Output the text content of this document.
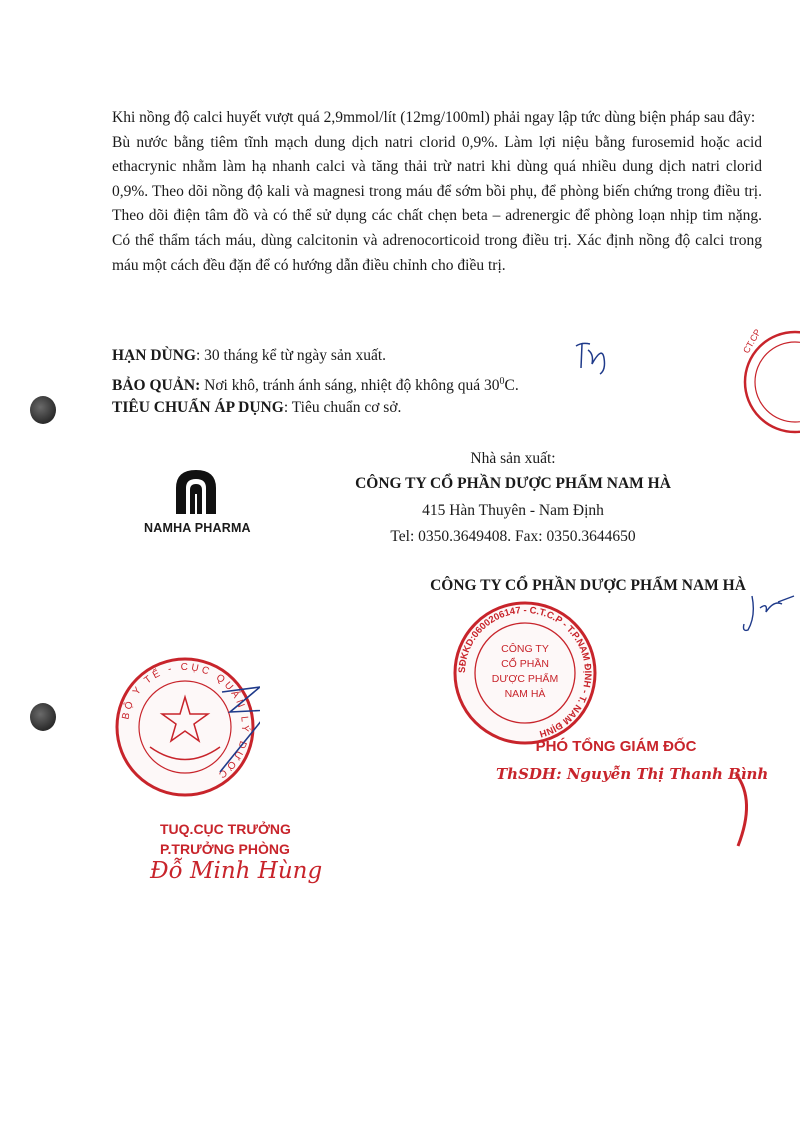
Khi nồng độ calci huyết vượt quá 2,9mmol/lít (12mg/100ml) phải ngay lập tức dùng biện pháp sau đây:

Bù nước bằng tiêm tĩnh mạch dung dịch natri clorid 0,9%. Làm lợi niệu bằng furosemid hoặc acid ethacrynic nhằm làm hạ nhanh calci và tăng thải trừ natri khi dùng quá nhiều dung dịch natri clorid 0,9%. Theo dõi nồng độ kali và magnesi trong máu để sớm bồi phụ, để phòng biến chứng trong điều trị. Theo dõi điện tâm đồ và có thể sử dụng các chất chẹn beta – adrenergic để phòng loạn nhịp tim nặng. Có thể thẩm tách máu, dùng calcitonin và adrenocorticoid trong điều trị. Xác định nồng độ calci trong máu một cách đều đặn để có hướng dẫn điều chỉnh cho điều trị.

HẠN DÙNG: 30 tháng kể từ ngày sản xuất.
BẢO QUẢN: Nơi khô, tránh ánh sáng, nhiệt độ không quá $30^0C$.
TIÊU CHUẨN ÁP DỤNG: Tiêu chuẩn cơ sở.
CT.CP
NAMHA PHARMA
Nhà sản xuất:
CÔNG TY CỔ PHẦN DƯỢC PHẨM NAM HÀ
415 Hàn Thuyên - Nam Định
Tel: 0350.3649408. Fax: 0350.3644650
CÔNG TY CỔ PHẦN DƯỢC PHẨM NAM HÀ
SĐKKD:0600206147 - C.T.C.P - T.P.NAM ĐỊNH - T. NAM ĐỊNH
CÔNG TY
CỔ PHẦN
DƯỢC PHẨM
NAM HÀ
PHÓ TỔNG GIÁM ĐỐC
ThSDH: Nguyễn Thị Thanh Bình
BỘ Y TẾ - CỤC QUẢN LÝ DƯỢC
TUQ.CỤC TRƯỞNG
P.TRƯỞNG PHÒNG
Đỗ Minh Hùng
